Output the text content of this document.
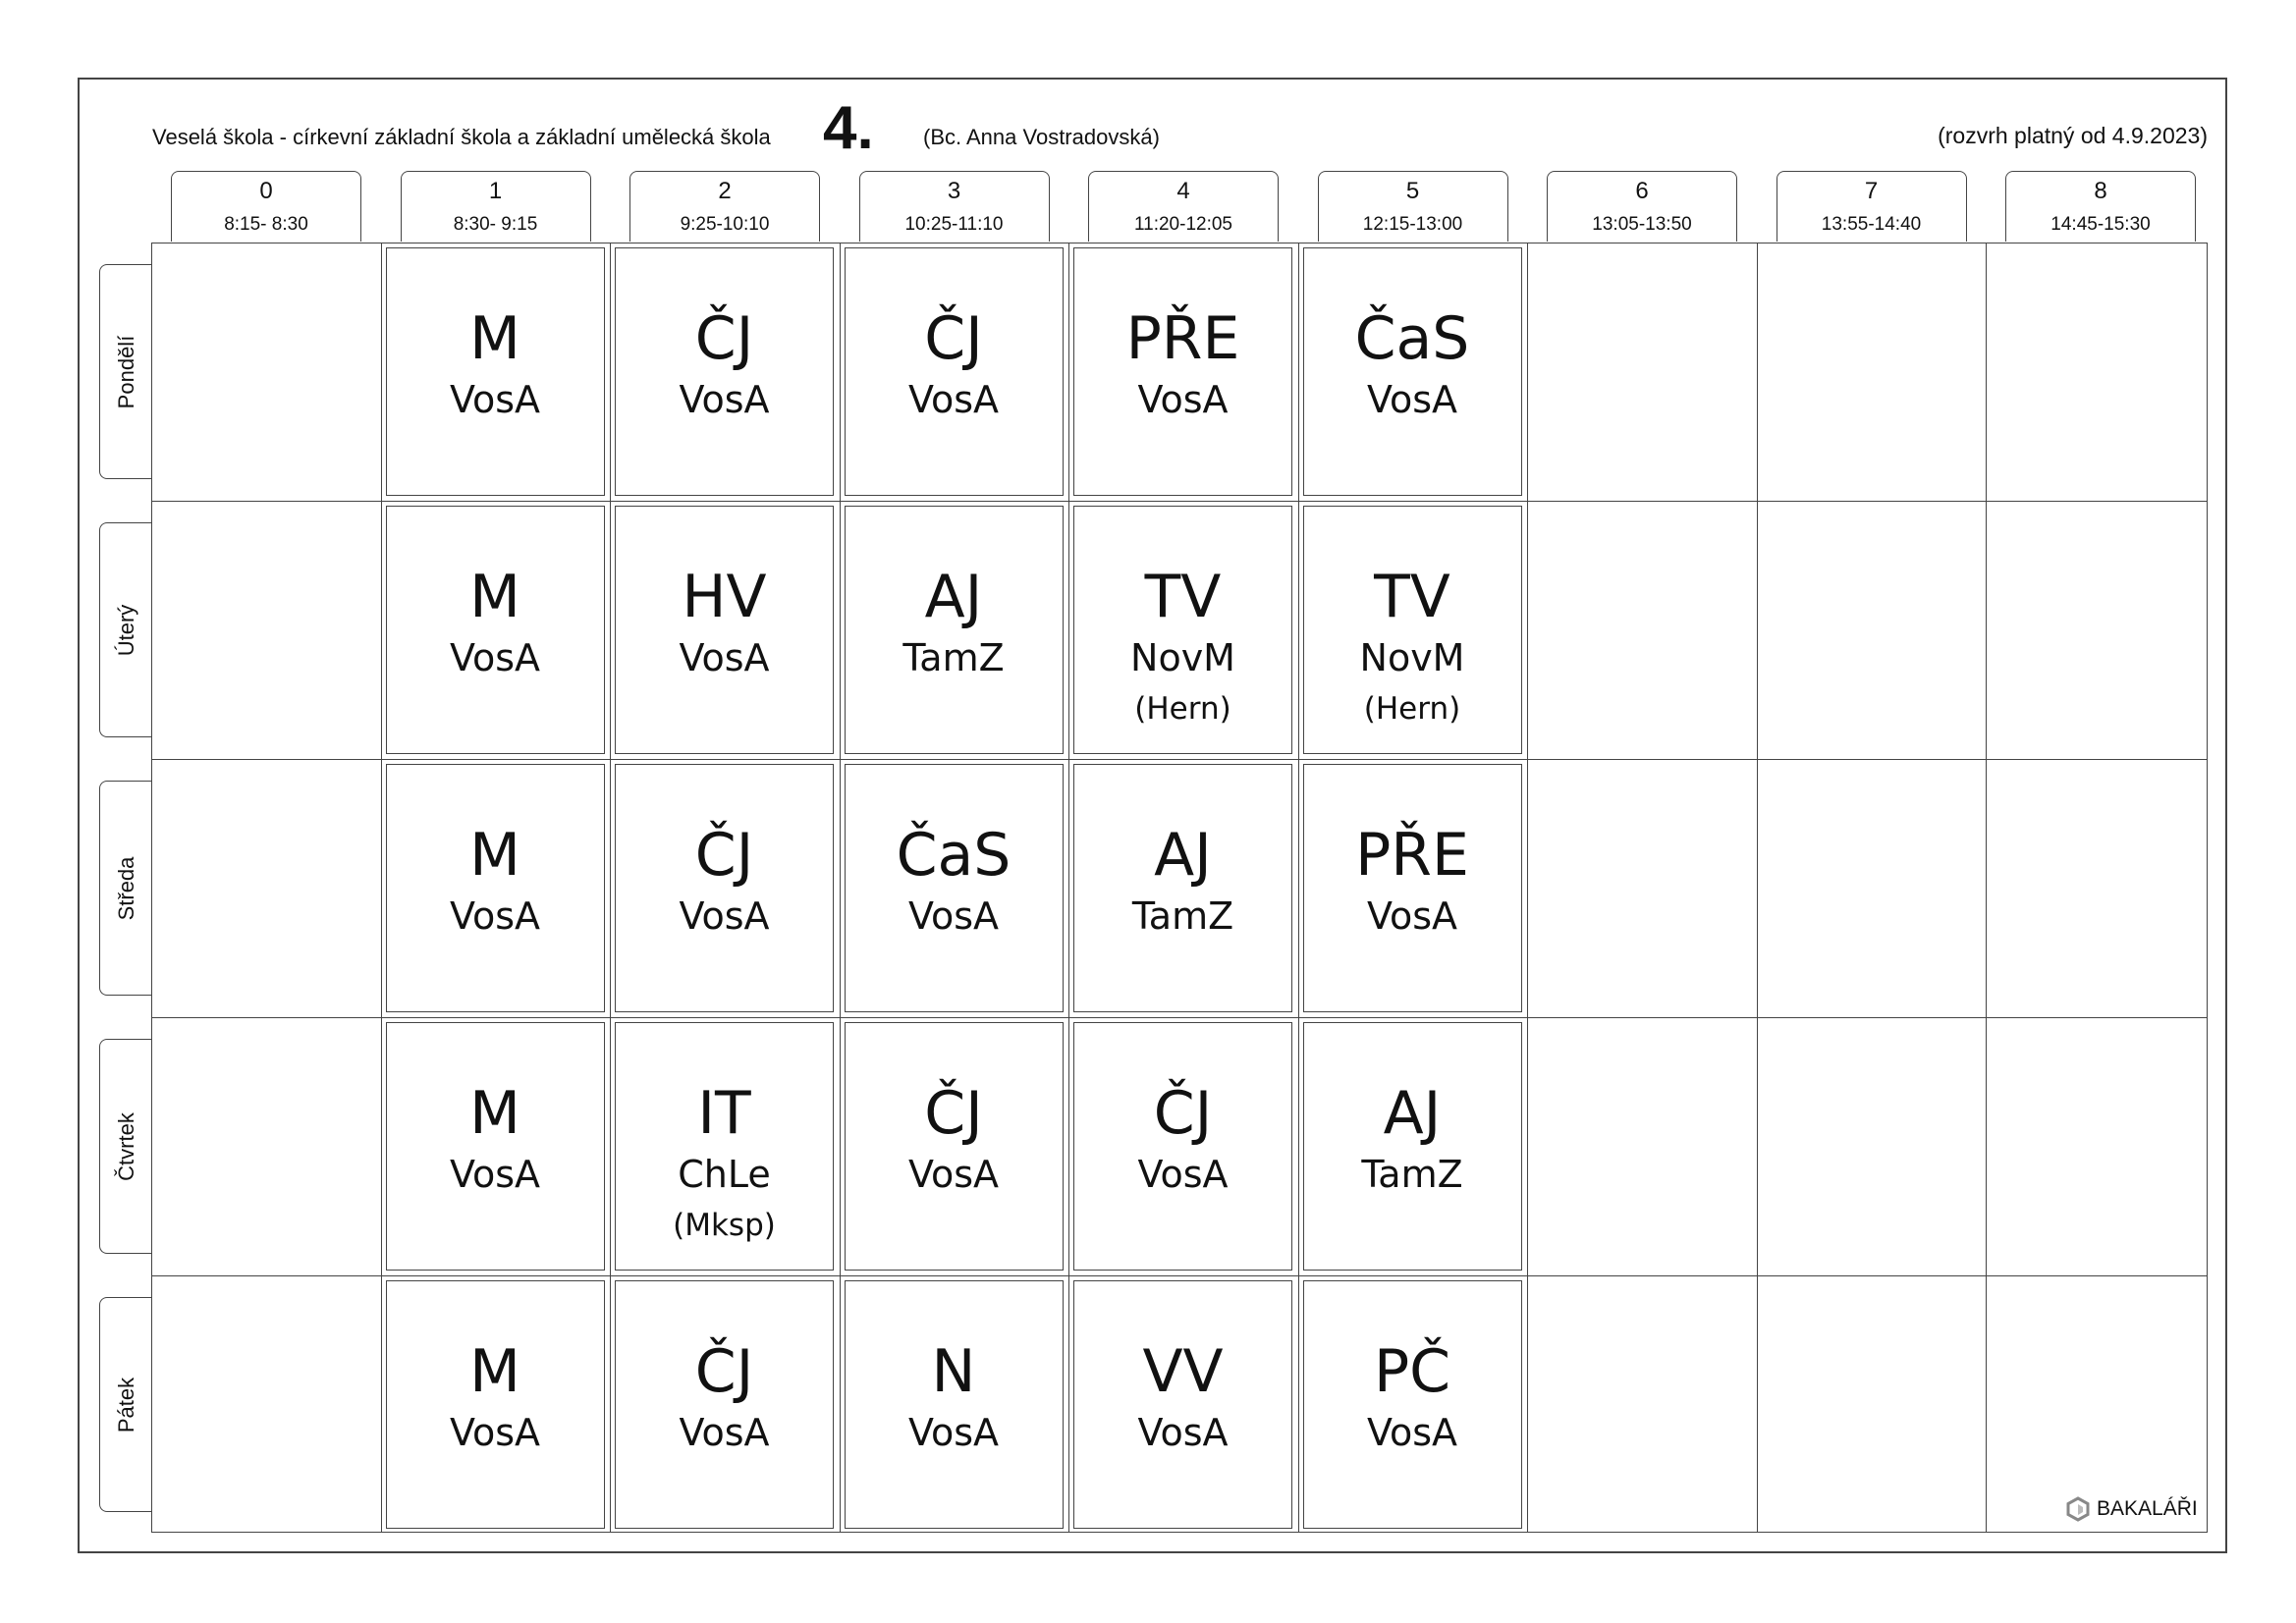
Veselá škola - církevní základní škola a základní umělecká škola 4. (Bc. Anna Vostradovská)	(rozvrh platný od 4.9.2023)
0
8:15- 8:30
1
8:30- 9:15
2
9:25-10:10
3
10:25-11:10
4
11:20-12:05
5
12:15-13:00
6
13:05-13:50
7
13:55-14:40
8
14:45-15:30
Pondělí
Úterý
Středa
Čtvrtek
Pátek
M
VosA
ČJ
VosA
ČJ
VosA
PŘE
VosA
ČaS
VosA
M
VosA
HV
VosA
AJ
TamZ
TV
NovM
(Hern)
TV
NovM
(Hern)
M
VosA
ČJ
VosA
ČaS
VosA
AJ
TamZ
PŘE
VosA
M
VosA
IT
ChLe
(Mksp)
ČJ
VosA
ČJ
VosA
AJ
TamZ
M
VosA
ČJ
VosA
N
VosA
VV
VosA
PČ
VosA
BAKALÁŘI
